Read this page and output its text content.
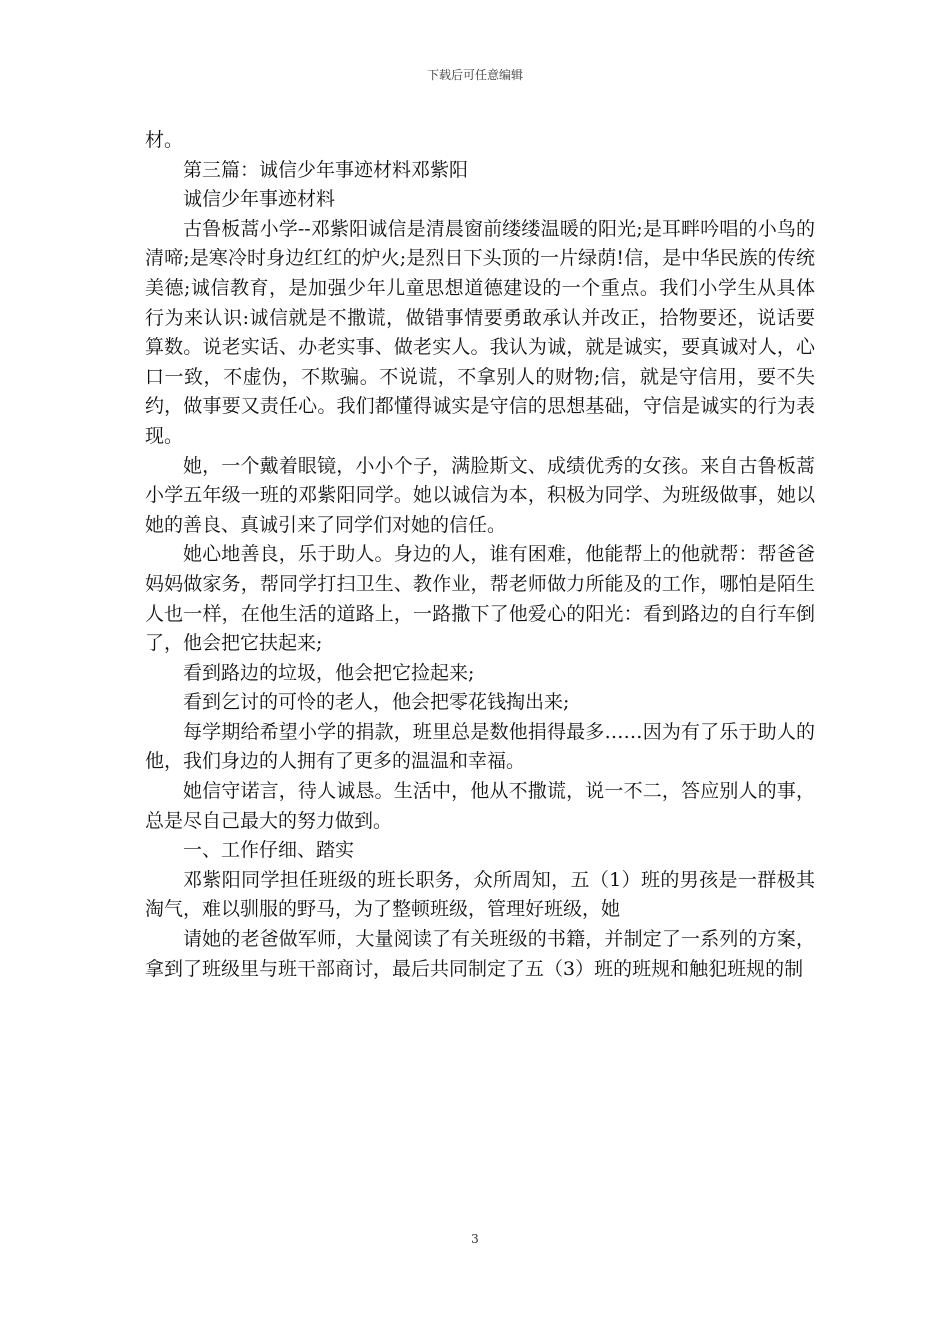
下载后可任意编辑

材。

第三篇：诚信少年事迹材料邓紫阳

诚信少年事迹材料

古鲁板蒿小学--邓紫阳诚信是清晨窗前缕缕温暖的阳光;是耳畔吟唱的小鸟的清啼;是寒冷时身边红红的炉火;是烈日下头顶的一片绿荫!信，是中华民族的传统美德;诚信教育，是加强少年儿童思想道德建设的一个重点。我们小学生从具体行为来认识:诚信就是不撒谎，做错事情要勇敢承认并改正，拾物要还，说话要算数。说老实话、办老实事、做老实人。我认为诚，就是诚实，要真诚对人，心口一致，不虚伪，不欺骗。不说谎，不拿别人的财物;信，就是守信用，要不失约，做事要又责任心。我们都懂得诚实是守信的思想基础，守信是诚实的行为表现。

她，一个戴着眼镜，小小个子，满脸斯文、成绩优秀的女孩。来自古鲁板蒿小学五年级一班的邓紫阳同学。她以诚信为本，积极为同学、为班级做事，她以她的善良、真诚引来了同学们对她的信任。

她心地善良，乐于助人。身边的人，谁有困难，他能帮上的他就帮：帮爸爸妈妈做家务，帮同学打扫卫生、教作业，帮老师做力所能及的工作，哪怕是陌生人也一样，在他生活的道路上，一路撒下了他爱心的阳光：看到路边的自行车倒了，他会把它扶起来;

看到路边的垃圾，他会把它捡起来;

看到乞讨的可怜的老人，他会把零花钱掏出来;

每学期给希望小学的捐款，班里总是数他捐得最多……因为有了乐于助人的他，我们身边的人拥有了更多的温温和幸福。

她信守诺言，待人诚恳。生活中，他从不撒谎，说一不二，答应别人的事，总是尽自己最大的努力做到。

一、工作仔细、踏实

邓紫阳同学担任班级的班长职务，众所周知，五（1）班的男孩是一群极其淘气，难以驯服的野马，为了整顿班级，管理好班级，她

请她的老爸做军师，大量阅读了有关班级的书籍，并制定了一系列的方案，拿到了班级里与班干部商讨，最后共同制定了五（3）班的班规和触犯班规的制

3
